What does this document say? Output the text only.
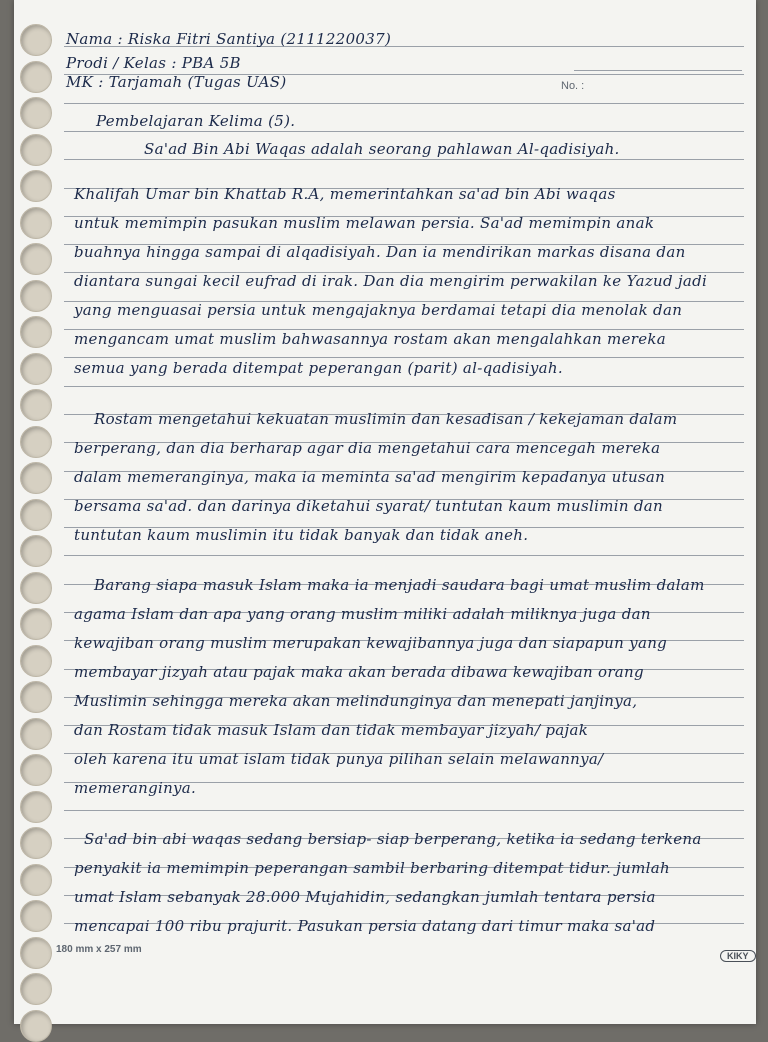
No. :
Nama : Riska Fitri Santiya (2111220037)
Prodi / Kelas : PBA 5B
MK : Tarjamah (Tugas UAS)
Pembelajaran Kelima (5).
Sa'ad Bin Abi Waqas adalah seorang pahlawan Al-qadisiyah.
Khalifah Umar bin Khattab R.A, memerintahkan sa'ad bin Abi waqas
untuk memimpin pasukan muslim melawan persia. Sa'ad memimpin anak
buahnya hingga sampai di alqadisiyah. Dan ia mendirikan markas disana dan
diantara sungai kecil eufrad di irak. Dan dia mengirim perwakilan ke Yazud jadi
yang menguasai persia untuk mengajaknya berdamai tetapi dia menolak dan
mengancam umat muslim bahwasannya rostam akan mengalahkan mereka
semua yang berada ditempat peperangan (parit) al-qadisiyah.
Rostam mengetahui kekuatan muslimin dan kesadisan / kekejaman dalam
berperang, dan dia berharap agar dia mengetahui cara mencegah mereka
dalam memeranginya, maka ia meminta sa'ad mengirim kepadanya utusan
bersama sa'ad. dan darinya diketahui syarat/ tuntutan kaum muslimin dan
tuntutan kaum muslimin itu tidak banyak dan tidak aneh.
Barang siapa masuk Islam maka ia menjadi saudara bagi umat muslim dalam
agama Islam dan apa yang orang muslim miliki adalah miliknya juga dan
kewajiban orang muslim merupakan kewajibannya juga dan siapapun yang
membayar jizyah atau pajak maka akan berada dibawa kewajiban orang
Muslimin sehingga mereka akan melindunginya dan menepati janjinya,
dan Rostam tidak masuk Islam dan tidak membayar jizyah/ pajak
oleh karena itu umat islam tidak punya pilihan selain melawannya/
memeranginya.
Sa'ad bin abi waqas sedang bersiap- siap berperang, ketika ia sedang terkena
penyakit ia memimpin peperangan sambil berbaring ditempat tidur. jumlah
umat Islam sebanyak 28.000 Mujahidin, sedangkan jumlah tentara persia
mencapai 100 ribu prajurit. Pasukan persia datang dari timur maka sa'ad
180 mm x 257 mm
KIKY
